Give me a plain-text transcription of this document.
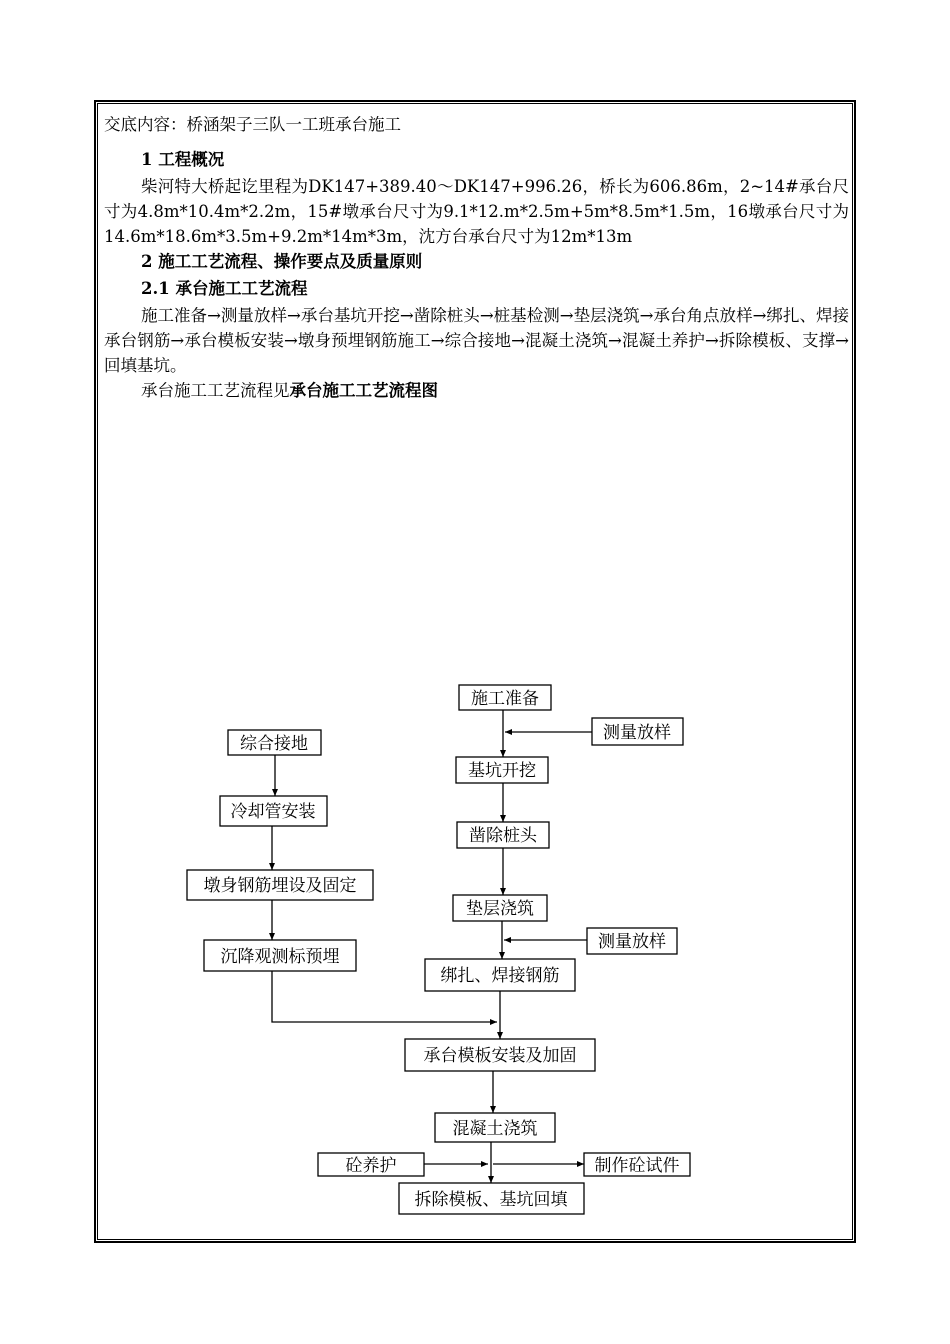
交底内容：桥涵架子三队一工班承台施工

1 工程概况

柴河特大桥起讫里程为DK147+389.40～DK147+996.26，桥长为606.86m，2~14#承台尺寸为4.8m*10.4m*2.2m，15#墩承台尺寸为9.1*12.m*2.5m+5m*8.5m*1.5m，16墩承台尺寸为14.6m*18.6m*3.5m+9.2m*14m*3m，沈方台承台尺寸为12m*13m

2 施工工艺流程、操作要点及质量原则

2.1 承台施工工艺流程

施工准备→测量放样→承台基坑开挖→凿除桩头→桩基检测→垫层浇筑→承台角点放样→绑扎、焊接承台钢筋→承台模板安装→墩身预埋钢筋施工→综合接地→混凝土浇筑→混凝土养护→拆除模板、支撑→回填基坑。

承台施工工艺流程见承台施工工艺流程图

施工准备
测量放样
基坑开挖
凿除桩头
垫层浇筑
测量放样
绑扎、焊接钢筋
综合接地
冷却管安装
墩身钢筋埋设及固定
沉降观测标预埋
承台模板安装及加固
混凝土浇筑
砼养护	制作砼试件
拆除模板、基坑回填
